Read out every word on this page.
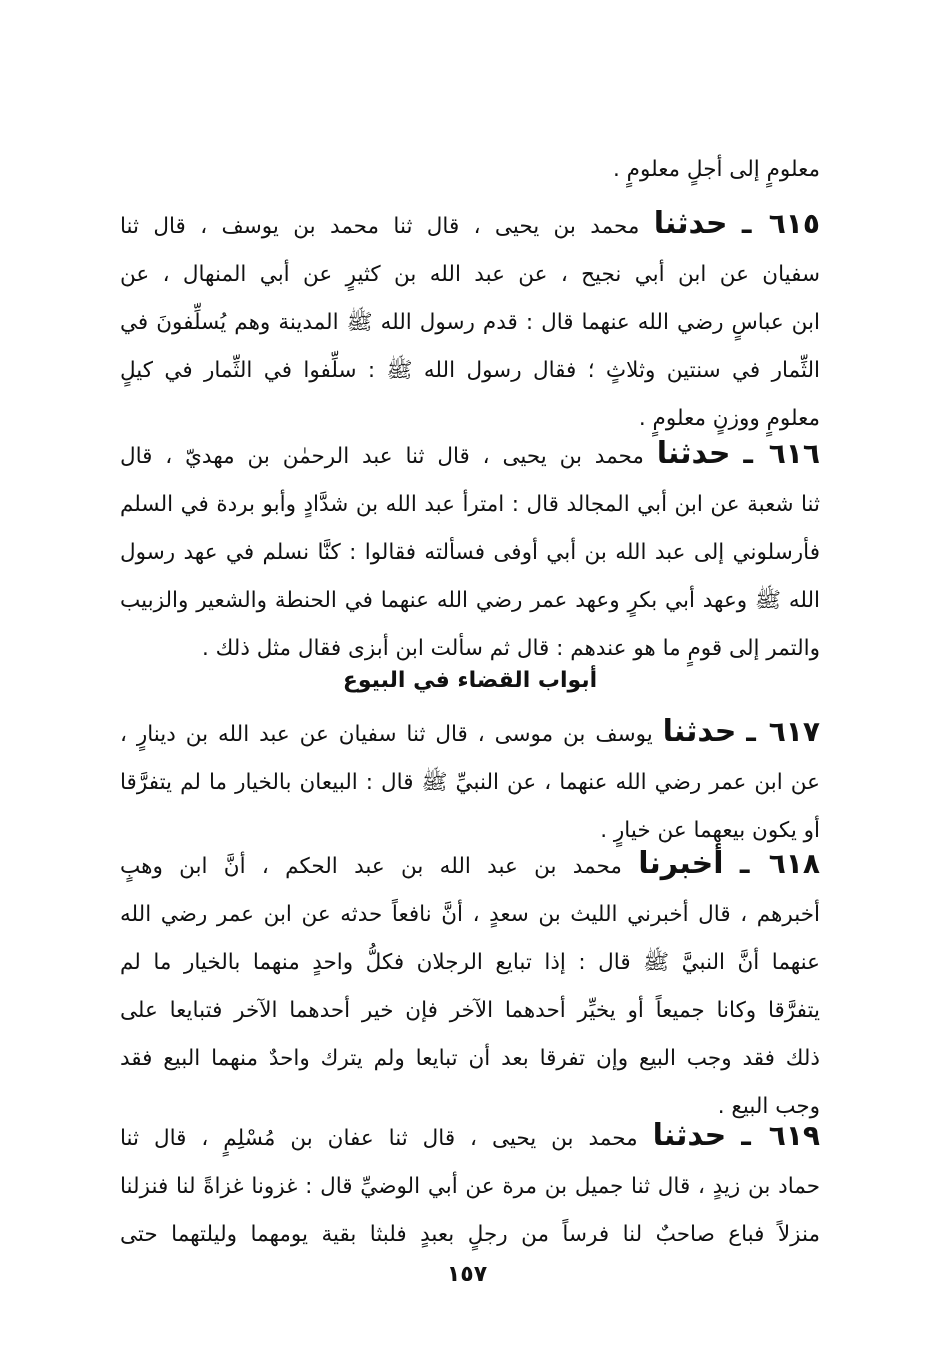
معلومٍ إلى أجلٍ معلومٍ .
٦١٥ ـ حدثنا محمد بن يحيى ، قال ثنا محمد بن يوسف ، قال ثنا
سفيان عن ابن أبي نجيح ، عن عبد الله بن كثيرٍ عن أبي المنهال ، عن
ابن عباسٍ رضي الله عنهما قال : قدم رسول الله ﷺ المدينة وهم يُسلِّفونَ في
الثِّمار في سنتين وثلاثٍ ؛ فقال رسول الله ﷺ : سلِّفوا في الثِّمار في كيلٍ
معلومٍ ووزنٍ معلومٍ .
٦١٦ ـ حدثنا محمد بن يحيى ، قال ثنا عبد الرحمٰن بن مهديّ ، قال
ثنا شعبة عن ابن أبي المجالد قال : امترأ عبد الله بن شدَّادٍ وأبو بردة في السلم
فأرسلوني إلى عبد الله بن أبي أوفى فسألته فقالوا : كنَّا نسلم في عهد رسول
الله ﷺ وعهد أبي بكرٍ وعهد عمر رضي الله عنهما في الحنطة والشعير والزبيب
والتمر إلى قومٍ ما هو عندهم : قال ثم سألت ابن أبزى فقال مثل ذلك .
أبواب القضاء في البيوع
٦١٧ ـ حدثنا يوسف بن موسى ، قال ثنا سفيان عن عبد الله بن دينارٍ ،
عن ابن عمر رضي الله عنهما ، عن النبيِّ ﷺ قال : البيعان بالخيار ما لم يتفرَّقا
أو يكون بيعهما عن خيارٍ .
٦١٨ ـ أخبرنا محمد بن عبد الله بن عبد الحكم ، أنَّ ابن وهبٍ
أخبرهم ، قال أخبرني الليث بن سعدٍ ، أنَّ نافعاً حدثه عن ابن عمر رضي الله
عنهما أنَّ النبيَّ ﷺ قال : إذا تبايع الرجلان فكلُّ واحدٍ منهما بالخيار ما لم
يتفرَّقا وكانا جميعاً أو يخيِّر أحدهما الآخر فإن خير أحدهما الآخر فتبايعا على
ذلك فقد وجب البيع وإن تفرقا بعد أن تبايعا ولم يترك واحدٌ منهما البيع فقد
وجب البيع .
٦١٩ ـ حدثنا محمد بن يحيى ، قال ثنا عفان بن مُسْلِمٍ ، قال ثنا
حماد بن زيدٍ ، قال ثنا جميل بن مرة عن أبي الوضيِّ قال : غزونا غزاةً لنا فنزلنا
منزلاً فباع صاحبٌ لنا فرساً من رجلٍ بعبدٍ فلبثا بقية يومهما وليلتهما حتى
١٥٧
